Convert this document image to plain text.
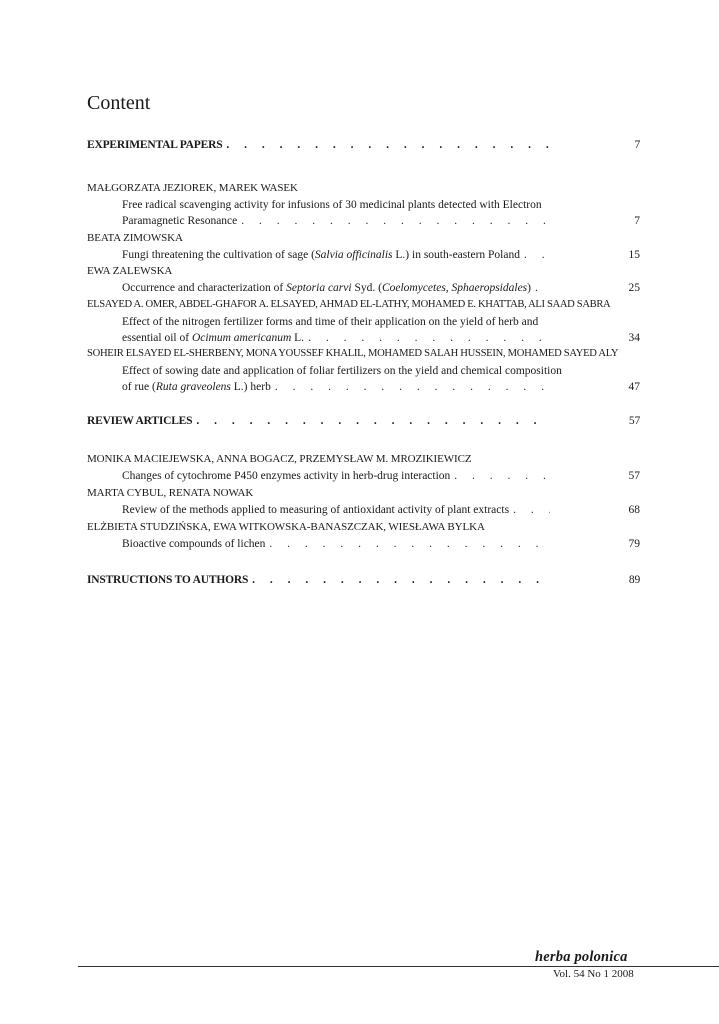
Content
EXPERIMENTAL PAPERS . . .	7
MAŁGORZATA JEZIOREK, MAREK WASEK
Free radical scavenging activity for infusions of 30 medicinal plants detected with Electron
Paramagnetic Resonance . . .	7
BEATA ZIMOWSKA
Fungi threatening the cultivation of sage (Salvia officinalis L.) in south-eastern Poland . . .	15
EWA ZALEWSKA
Occurrence and characterization of Septoria carvi Syd. (Coelomycetes, Sphaeropsidales) . . .	25
ELSAYED A. OMER, ABDEL-GHAFOR A. ELSAYED, AHMAD EL-LATHY, MOHAMED E. KHATTAB, ALI SAAD SABRA
Effect of the nitrogen fertilizer forms and time of their application on the yield of herb and
essential oil of Ocimum americanum L. . . .	34
SOHEIR ELSAYED EL-SHERBENY, MONA YOUSSEF KHALIL, MOHAMED SALAH HUSSEIN, MOHAMED SAYED ALY
Effect of sowing date and application of foliar fertilizers on the yield and chemical composition
of rue (Ruta graveolens L.) herb . . .	47
REVIEW ARTICLES . . .	57
MONIKA MACIEJEWSKA, ANNA BOGACZ, PRZEMYSŁAW M. MROZIKIEWICZ
Changes of cytochrome P450 enzymes activity in herb-drug interaction . . .	57
MARTA CYBUL, RENATA NOWAK
Review of the methods applied to measuring of antioxidant activity of plant extracts . . .	68
ELŻBIETA STUDZIŃSKA, EWA WITKOWSKA-BANASZCZAK, WIESŁAWA BYLKA
Bioactive compounds of lichen . . .	79
INSTRUCTIONS TO AUTHORS . . .	89
herba polonica
Vol. 54 No 1 2008
